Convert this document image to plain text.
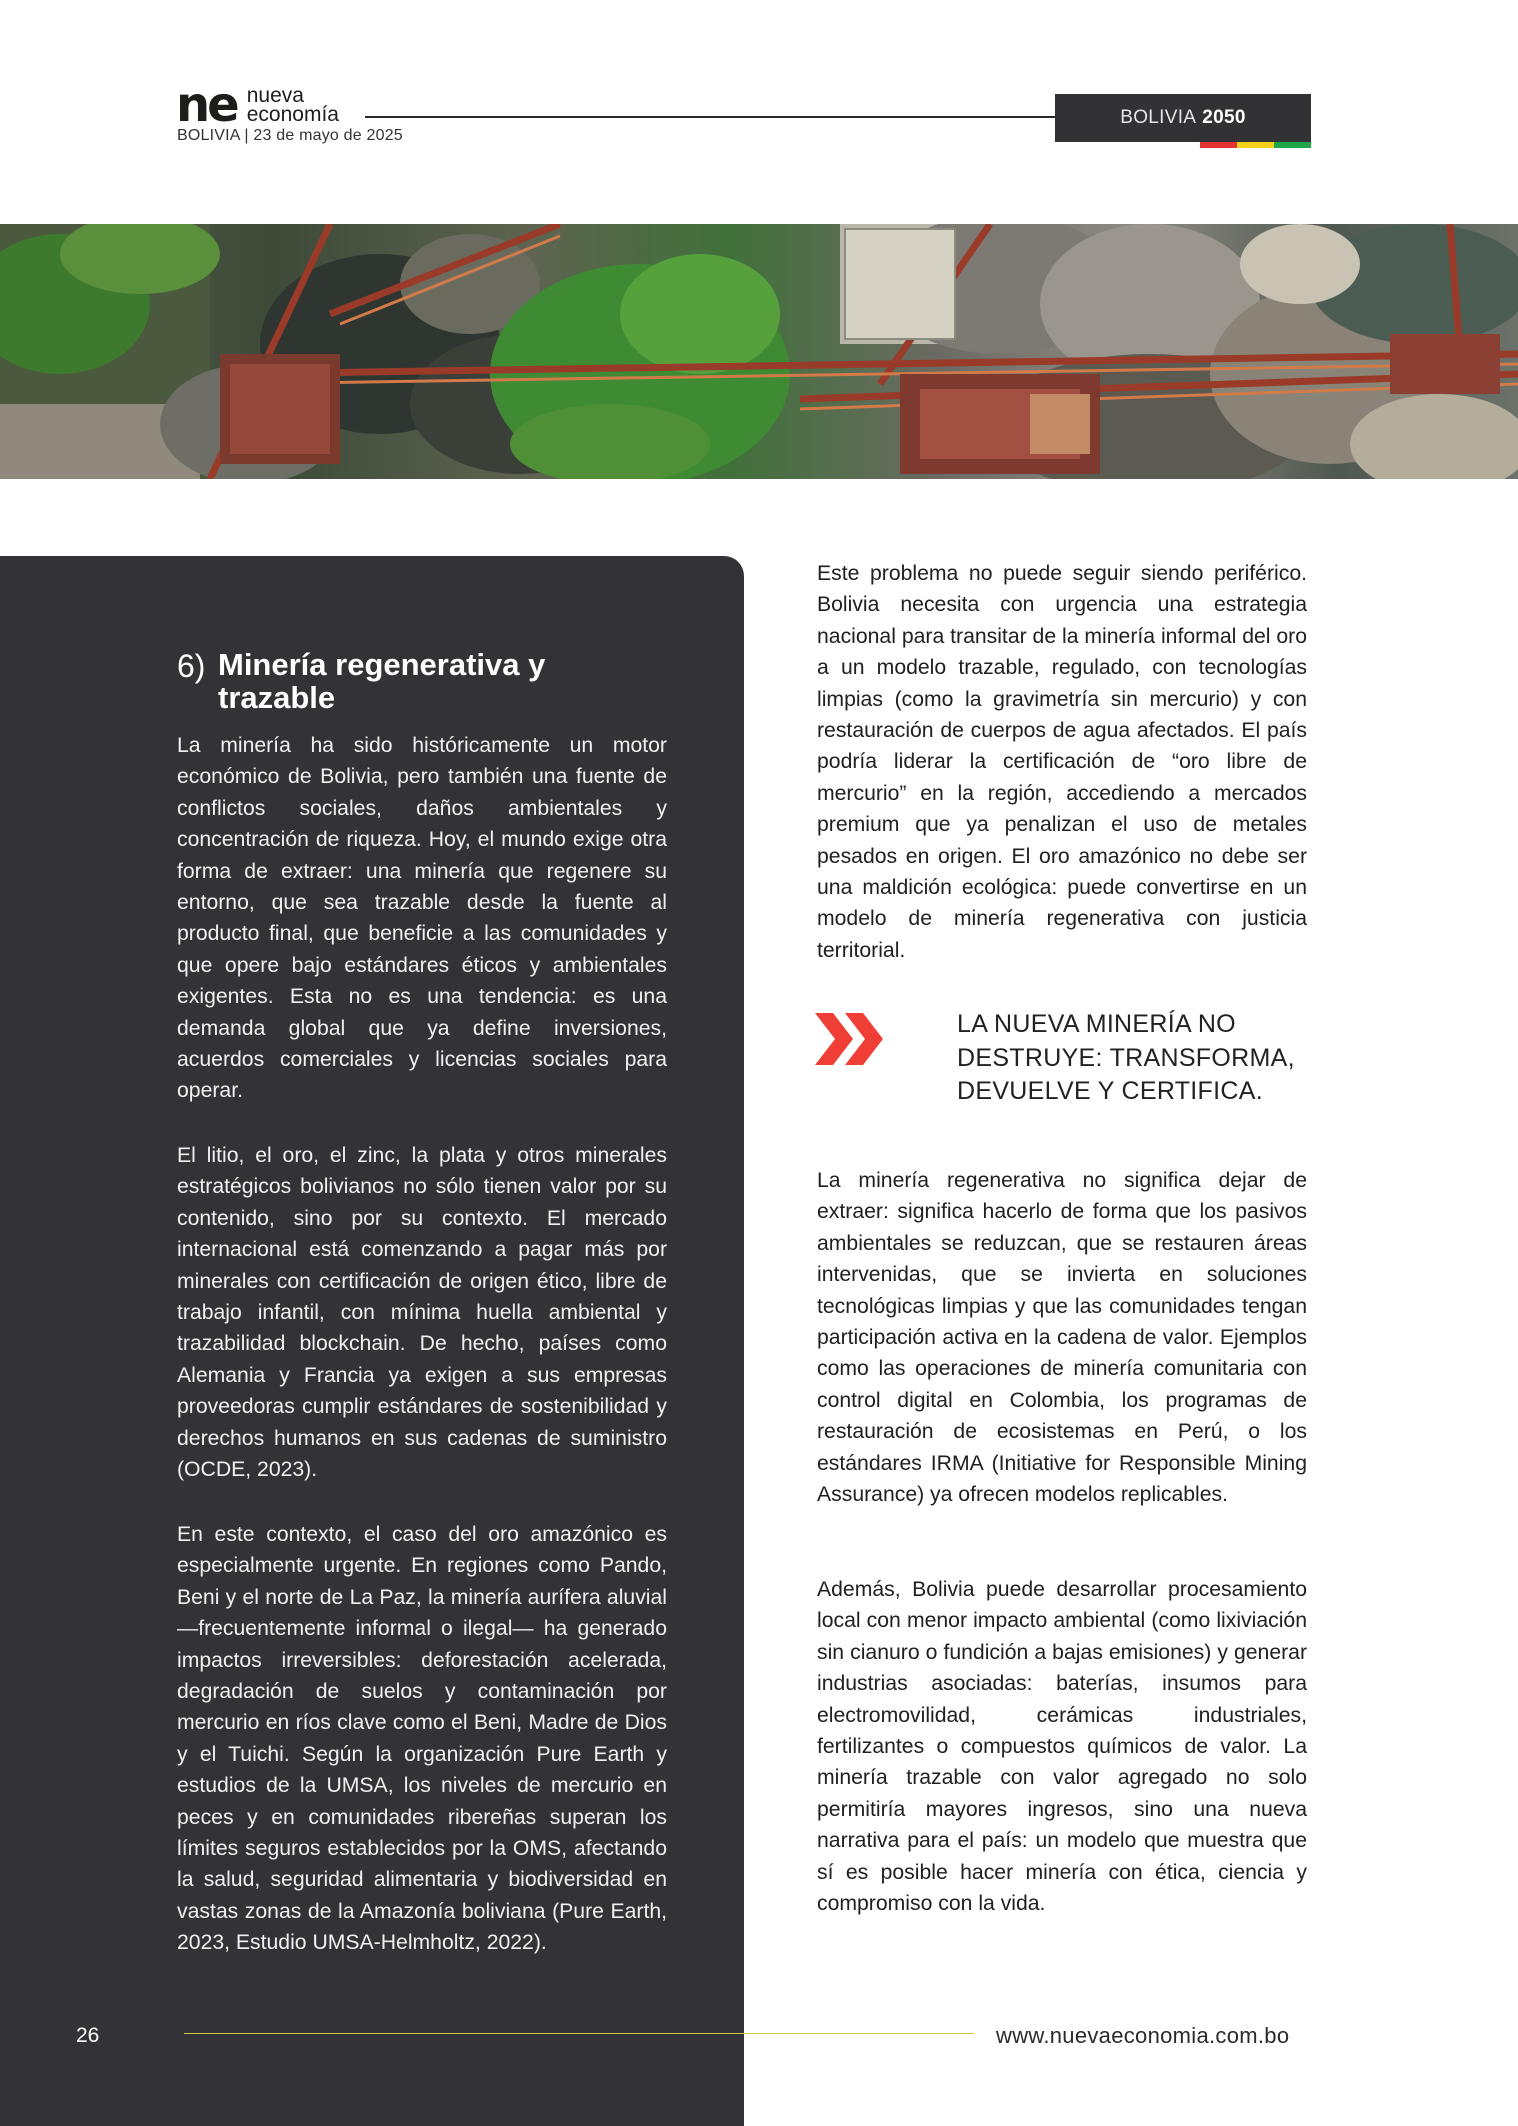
ne nueva
economía
BOLIVIA | 23 de mayo de 2025
BOLIVIA 2050
6) Minería regenerativa y trazable

La minería ha sido históricamente un motor económico de Bolivia, pero también una fuente de conflictos sociales, daños ambientales y concentración de riqueza. Hoy, el mundo exige otra forma de extraer: una minería que regenere su entorno, que sea trazable desde la fuente al producto final, que beneficie a las comunidades y que opere bajo estándares éticos y ambientales exigentes. Esta no es una tendencia: es una demanda global que ya define inversiones, acuerdos comerciales y licencias sociales para operar.

El litio, el oro, el zinc, la plata y otros minerales estratégicos bolivianos no sólo tienen valor por su contenido, sino por su contexto. El mercado internacional está comenzando a pagar más por minerales con certificación de origen ético, libre de trabajo infantil, con mínima huella ambiental y trazabilidad blockchain. De hecho, países como Alemania y Francia ya exigen a sus empresas proveedoras cumplir estándares de sostenibilidad y derechos humanos en sus cadenas de suministro (OCDE, 2023).

En este contexto, el caso del oro amazónico es especialmente urgente. En regiones como Pando, Beni y el norte de La Paz, la minería aurífera aluvial —frecuentemente informal o ilegal— ha generado impactos irreversibles: deforestación acelerada, degradación de suelos y contaminación por mercurio en ríos clave como el Beni, Madre de Dios y el Tuichi. Según la organización Pure Earth y estudios de la UMSA, los niveles de mercurio en peces y en comunidades ribereñas superan los límites seguros establecidos por la OMS, afectando la salud, seguridad alimentaria y biodiversidad en vastas zonas de la Amazonía boliviana (Pure Earth, 2023, Estudio UMSA-Helmholtz, 2022).

Este problema no puede seguir siendo periférico. Bolivia necesita con urgencia una estrategia nacional para transitar de la minería informal del oro a un modelo trazable, regulado, con tecnologías limpias (como la gravimetría sin mercurio) y con restauración de cuerpos de agua afectados. El país podría liderar la certificación de “oro libre de mercurio” en la región, accediendo a mercados premium que ya penalizan el uso de metales pesados en origen. El oro amazónico no debe ser una maldición ecológica: puede convertirse en un modelo de minería regenerativa con justicia territorial.

LA NUEVA MINERÍA NO DESTRUYE: TRANSFORMA, DEVUELVE Y CERTIFICA.

La minería regenerativa no significa dejar de extraer: significa hacerlo de forma que los pasivos ambientales se reduzcan, que se restauren áreas intervenidas, que se invierta en soluciones tecnológicas limpias y que las comunidades tengan participación activa en la cadena de valor. Ejemplos como las operaciones de minería comunitaria con control digital en Colombia, los programas de restauración de ecosistemas en Perú, o los estándares IRMA (Initiative for Responsible Mining Assurance) ya ofrecen modelos replicables.

Además, Bolivia puede desarrollar procesamiento local con menor impacto ambiental (como lixiviación sin cianuro o fundición a bajas emisiones) y generar industrias asociadas: baterías, insumos para electromovilidad, cerámicas industriales, fertilizantes o compuestos químicos de valor. La minería trazable con valor agregado no solo permitiría mayores ingresos, sino una nueva narrativa para el país: un modelo que muestra que sí es posible hacer minería con ética, ciencia y compromiso con la vida.

26	www.nuevaeconomia.com.bo
